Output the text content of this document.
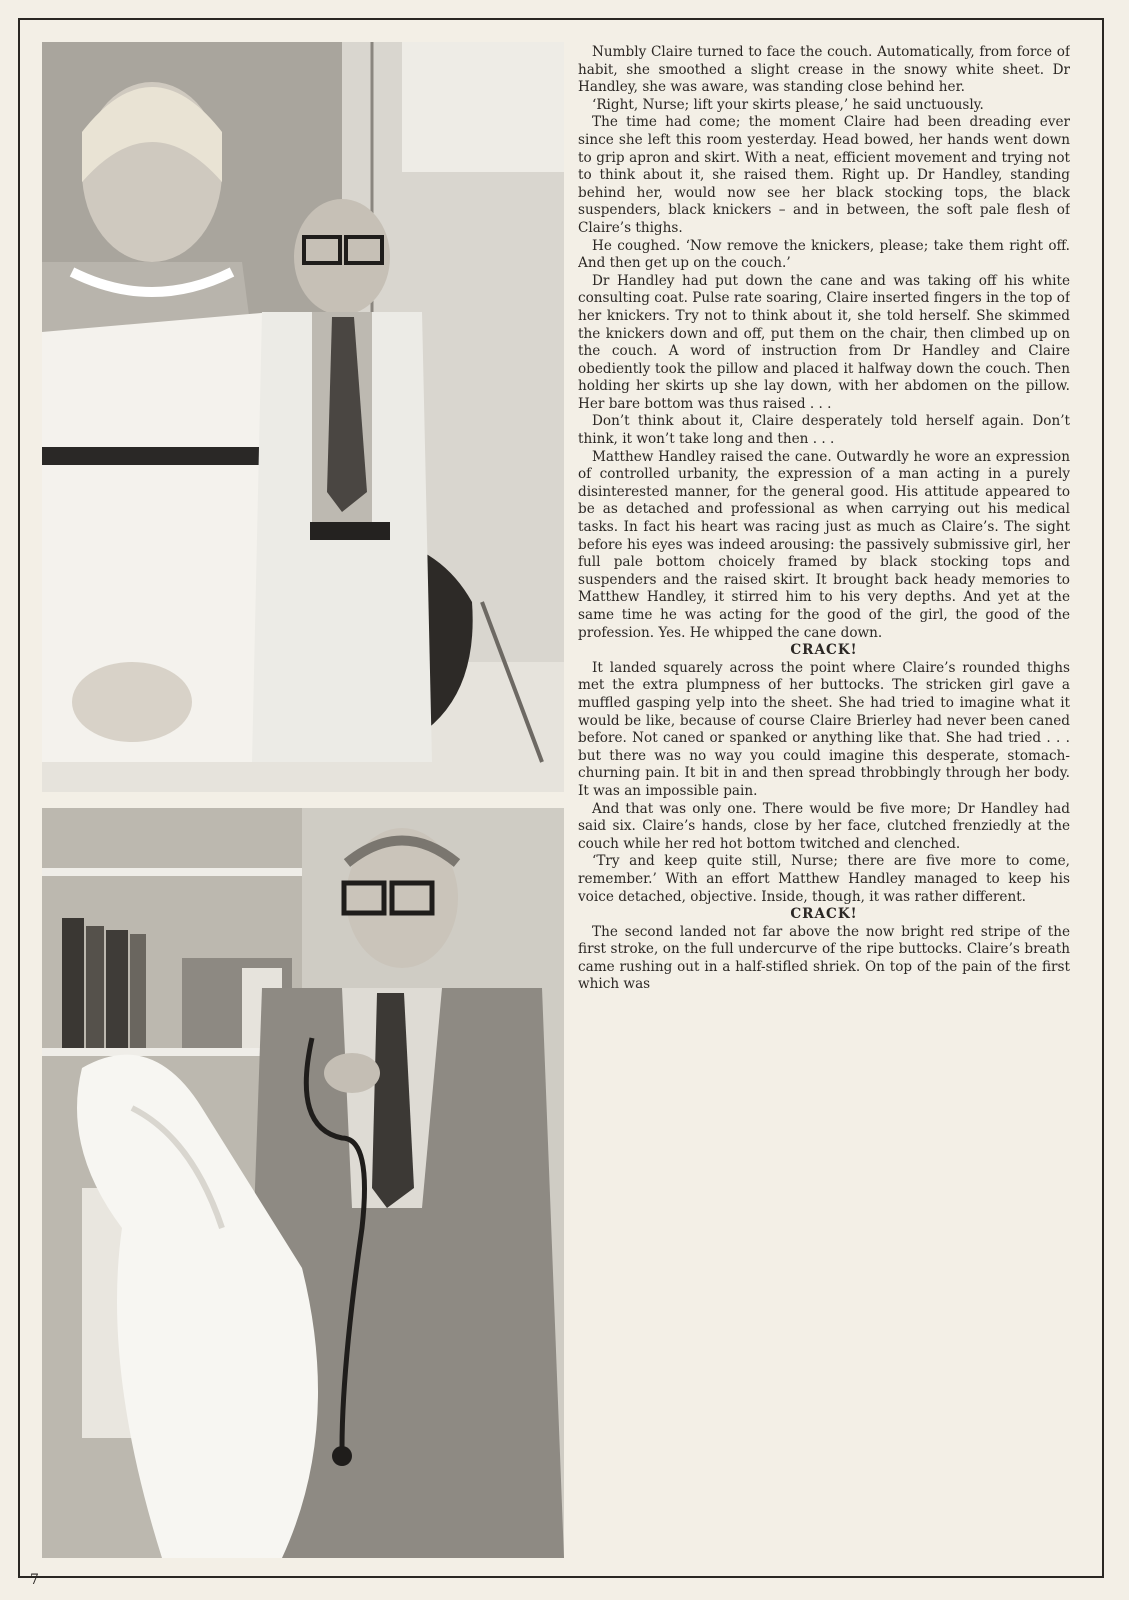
Numbly Claire turned to face the couch. Automatically, from force of habit, she smoothed a slight crease in the snowy white sheet. Dr Handley, she was aware, was standing close behind her.

‘Right, Nurse; lift your skirts please,’ he said unctuously.

The time had come; the moment Claire had been dreading ever since she left this room yesterday. Head bowed, her hands went down to grip apron and skirt. With a neat, efficient movement and trying not to think about it, she raised them. Right up. Dr Handley, standing behind her, would now see her black stocking tops, the black suspenders, black knickers – and in between, the soft pale flesh of Claire’s thighs.

He coughed. ‘Now remove the knickers, please; take them right off. And then get up on the couch.’

Dr Handley had put down the cane and was taking off his white consulting coat. Pulse rate soaring, Claire inserted fingers in the top of her knickers. Try not to think about it, she told herself. She skimmed the knickers down and off, put them on the chair, then climbed up on the couch. A word of instruction from Dr Handley and Claire obediently took the pillow and placed it halfway down the couch. Then holding her skirts up she lay down, with her abdomen on the pillow. Her bare bottom was thus raised . . .

Don’t think about it, Claire desperately told herself again. Don’t think, it won’t take long and then . . .

Matthew Handley raised the cane. Outwardly he wore an expression of controlled urbanity, the expression of a man acting in a purely disinterested manner, for the general good. His attitude appeared to be as detached and professional as when carrying out his medical tasks. In fact his heart was racing just as much as Claire’s. The sight before his eyes was indeed arousing: the passively submissive girl, her full pale bottom choicely framed by black stocking tops and suspenders and the raised skirt. It brought back heady memories to Matthew Handley, it stirred him to his very depths. And yet at the same time he was acting for the good of the girl, the good of the profession. Yes. He whipped the cane down.

CRACK!

It landed squarely across the point where Claire’s rounded thighs met the extra plumpness of her buttocks. The stricken girl gave a muffled gasping yelp into the sheet. She had tried to imagine what it would be like, because of course Claire Brierley had never been caned before. Not caned or spanked or anything like that. She had tried . . . but there was no way you could imagine this desperate, stomach-churning pain. It bit in and then spread throbbingly through her body. It was an impossible pain.

And that was only one. There would be five more; Dr Handley had said six. Claire’s hands, close by her face, clutched frenziedly at the couch while her red hot bottom twitched and clenched.

‘Try and keep quite still, Nurse; there are five more to come, remember.’ With an effort Matthew Handley managed to keep his voice detached, objective. Inside, though, it was rather different.

CRACK!

The second landed not far above the now bright red stripe of the first stroke, on the full undercurve of the ripe buttocks. Claire’s breath came rushing out in a half-stifled shriek. On top of the pain of the first which was

7
